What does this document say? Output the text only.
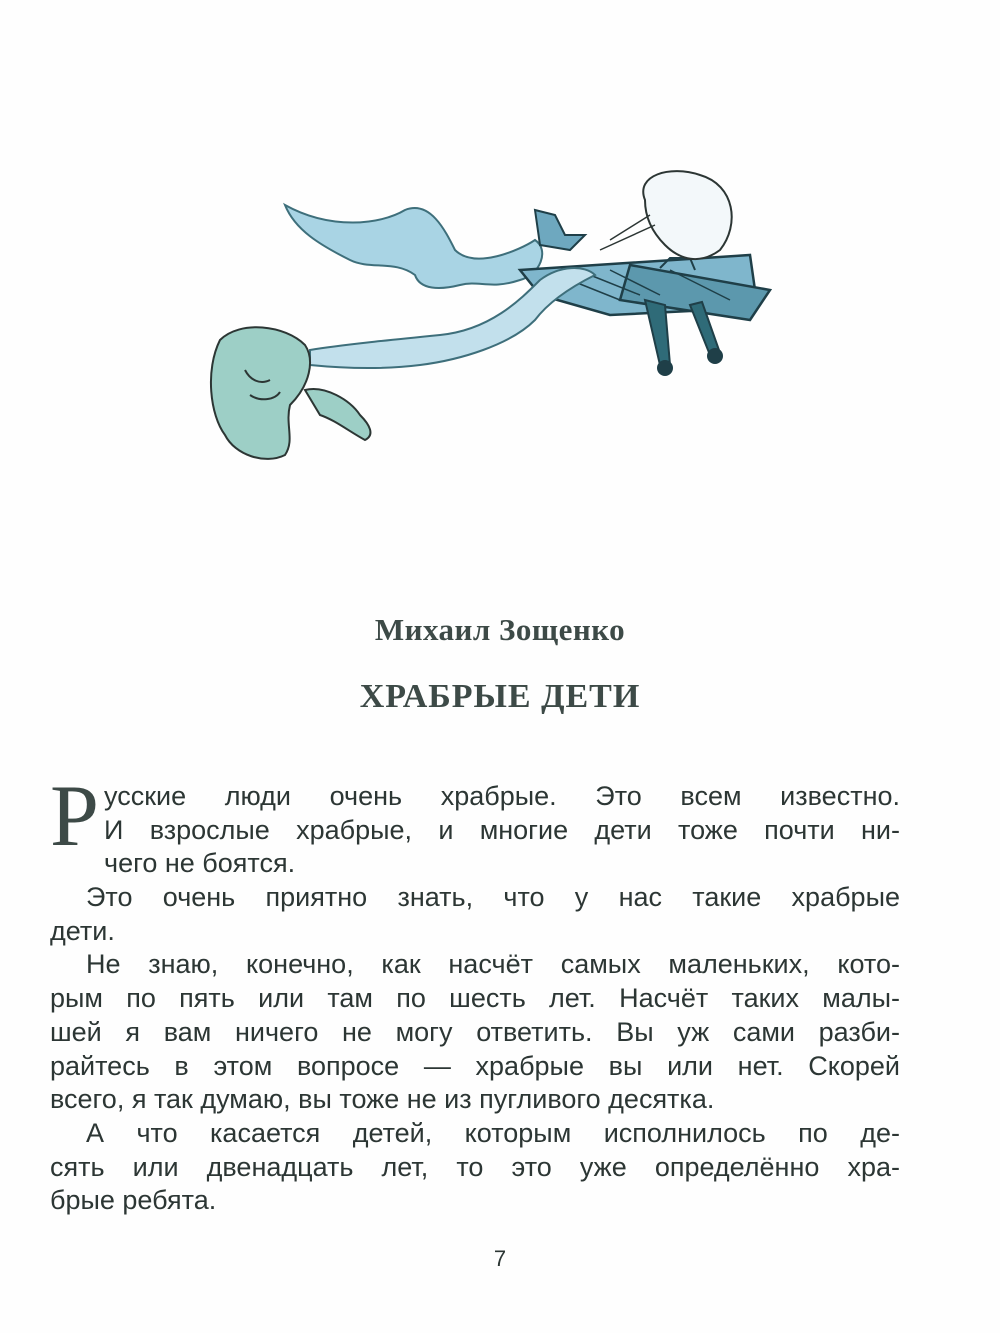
Михаил Зощенко
ХРАБРЫЕ ДЕТИ
Р усские люди очень храбрые. Это всем известно.
И взрослые храбрые, и многие дети тоже почти ни-
чего не боятся.
Это очень приятно знать, что у нас такие храбрые
дети.
Не знаю, конечно, как насчёт самых маленьких, кото-
рым по пять или там по шесть лет. Насчёт таких малы-
шей я вам ничего не могу ответить. Вы уж сами разби-
райтесь в этом вопросе — храбрые вы или нет. Скорей
всего, я так думаю, вы тоже не из пугливого десятка.
А что касается детей, которым исполнилось по де-
сять или двенадцать лет, то это уже определённо хра-
брые ребята.
7
